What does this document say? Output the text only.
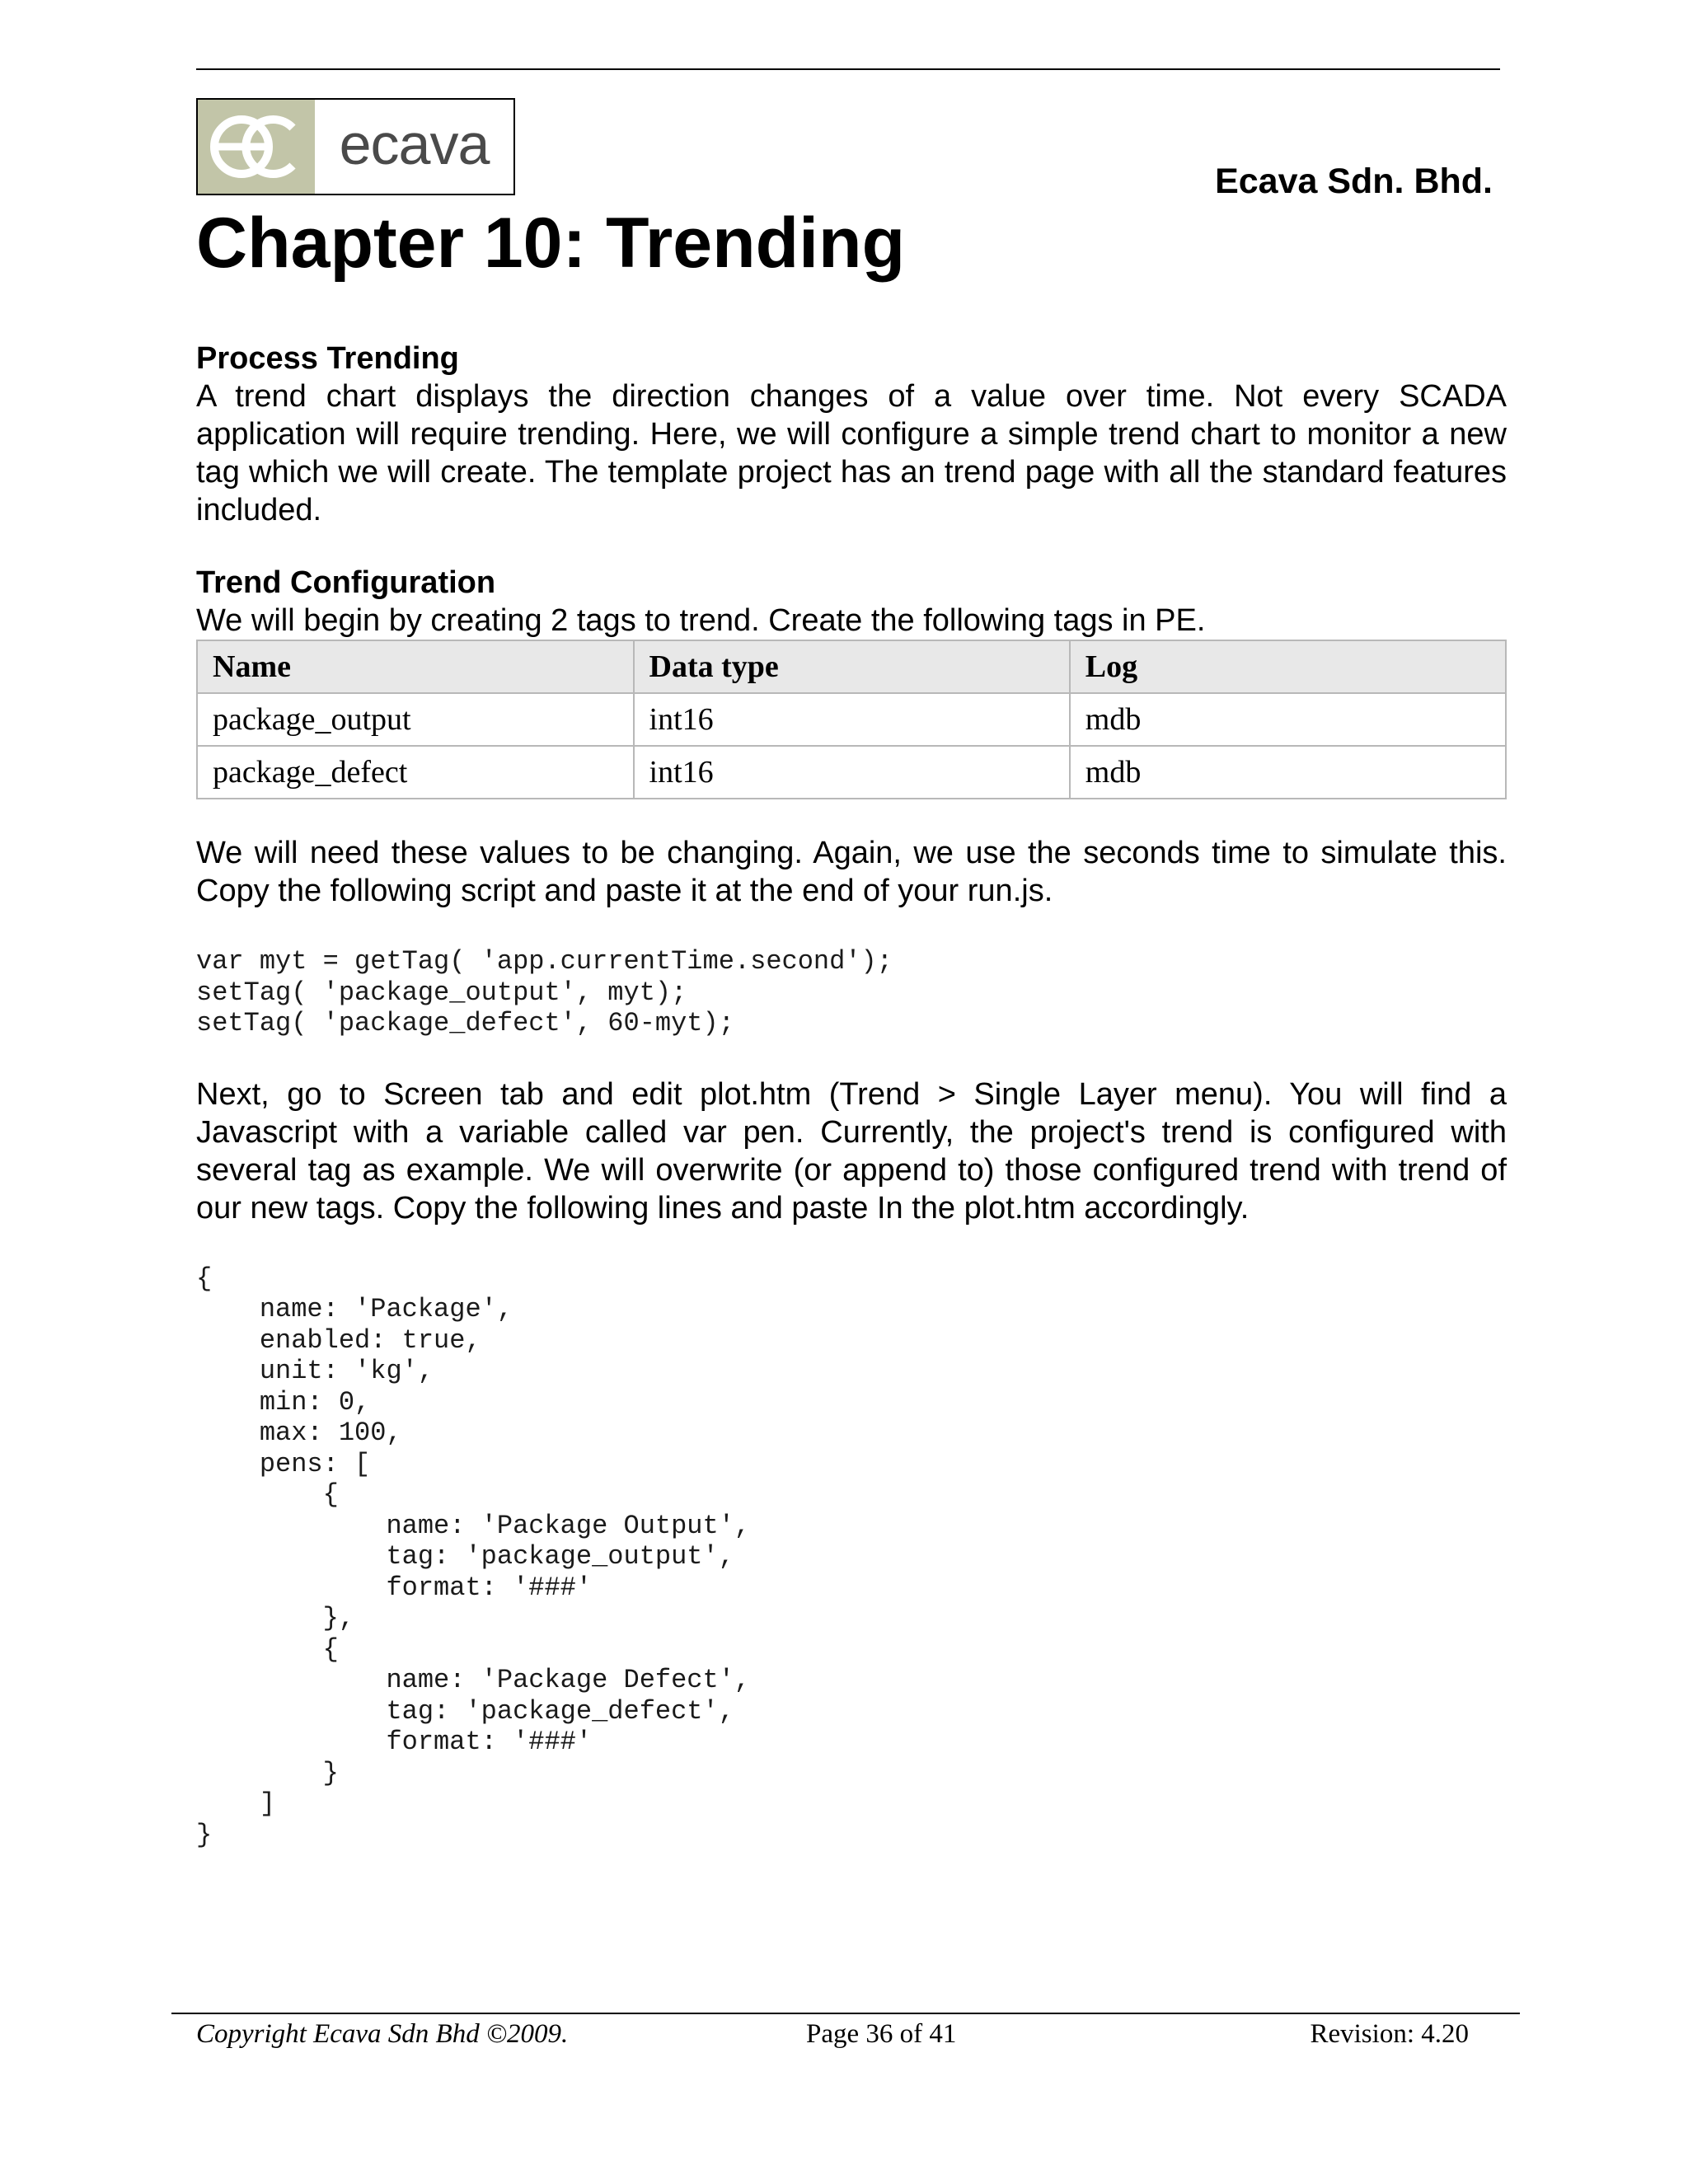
ecava
Ecava Sdn. Bhd.
Chapter 10: Trending

Process Trending

A trend chart displays the direction changes of a value over time. Not every SCADA application will require trending. Here, we will configure a simple trend chart to monitor a new tag which we will create. The template project has an trend page with all the standard features included.

Trend Configuration

We will begin by creating 2 tags to trend. Create the following tags in PE.

Name	Data type	Log
package_output	int16	mdb
package_defect	int16	mdb

We will need these values to be changing. Again, we use the seconds time to simulate this. Copy the following script and paste it at the end of your run.js.

var myt = getTag( 'app.currentTime.second');
setTag( 'package_output', myt);
setTag( 'package_defect', 60-myt);

Next, go to Screen tab and edit plot.htm (Trend > Single Layer menu). You will find a Javascript with a variable called var pen. Currently, the project's trend is configured with several tag as example. We will overwrite (or append to) those configured trend with trend of our new tags. Copy the following lines and paste In the plot.htm accordingly.

{
	name: 'Package',
	enabled: true,
	unit: 'kg',
	min: 0,
	max: 100,
	pens: [
		{
			name: 'Package Output',
			tag: 'package_output',
			format: '###'
		},
		{
			name: 'Package Defect',
			tag: 'package_defect',
			format: '###'
		}
	]
}
Copyright Ecava Sdn Bhd ©2009.	Page 36 of 41	Revision: 4.20
